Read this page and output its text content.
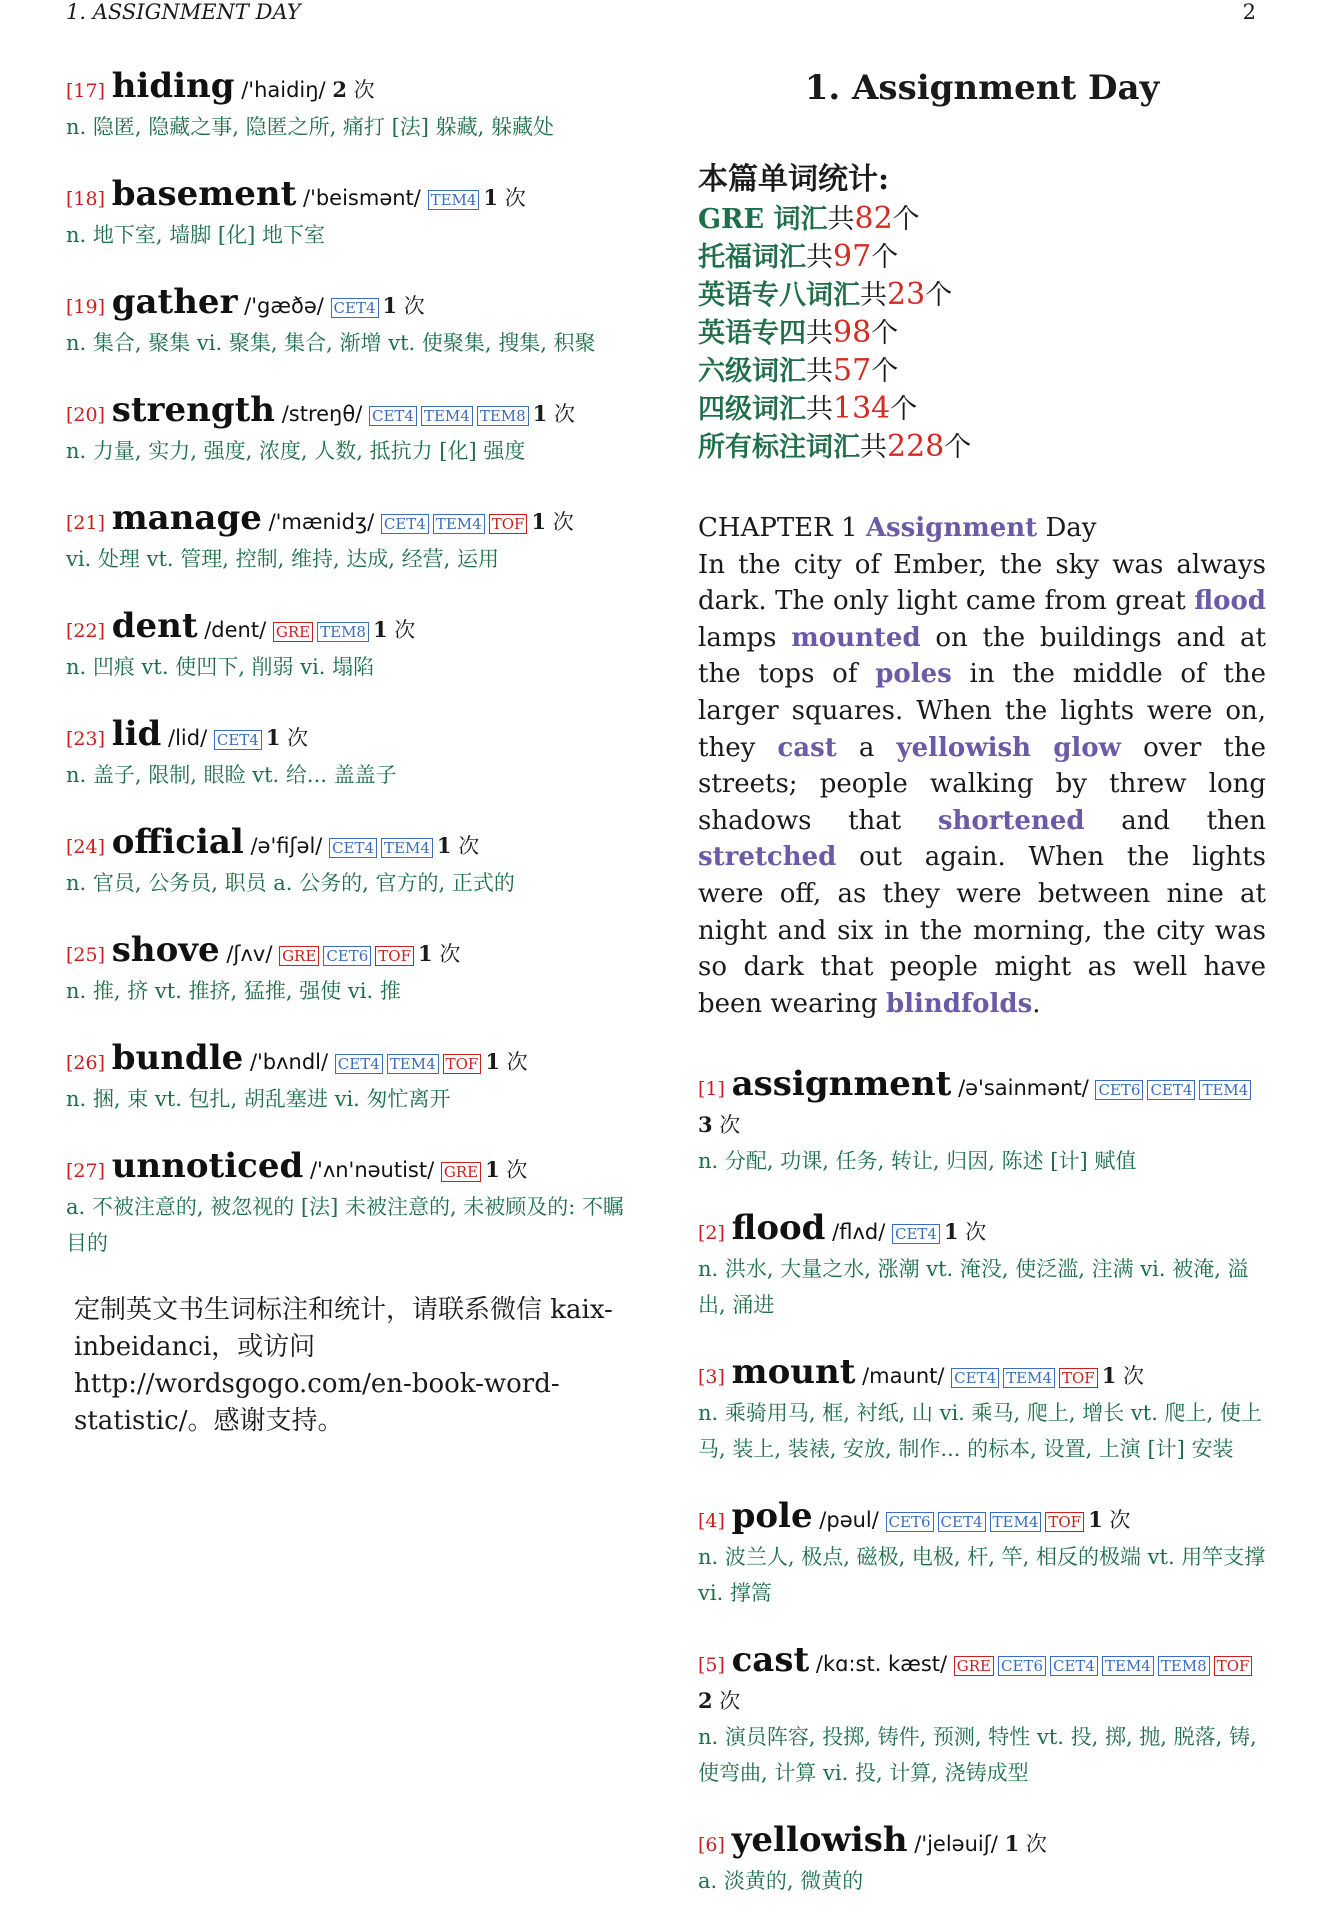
1. ASSIGNMENT DAY	2
[17] hiding /'haidiŋ/ 2 次
n. 隐匿, 隐藏之事, 隐匿之所, 痛打 [法] 躲藏, 躲藏处
[18] basement /'beismənt/ TEM4 1 次
n. 地下室, 墙脚 [化] 地下室
[19] gather /'gæðə/ CET4 1 次
n. 集合, 聚集 vi. 聚集, 集合, 渐增 vt. 使聚集, 搜集, 积聚
[20] strength /streŋθ/ CET4 TEM4 TEM8 1 次
n. 力量, 实力, 强度, 浓度, 人数, 抵抗力 [化] 强度
[21] manage /'mænidʒ/ CET4 TEM4 TOF 1 次
vi. 处理 vt. 管理, 控制, 维持, 达成, 经营, 运用
[22] dent /dent/ GRE TEM8 1 次
n. 凹痕 vt. 使凹下, 削弱 vi. 塌陷
[23] lid /lid/ CET4 1 次
n. 盖子, 限制, 眼睑 vt. 给... 盖盖子
[24] official /ə'fiʃəl/ CET4 TEM4 1 次
n. 官员, 公务员, 职员 a. 公务的, 官方的, 正式的
[25] shove /ʃʌv/ GRE CET6 TOF 1 次
n. 推, 挤 vt. 推挤, 猛推, 强使 vi. 推
[26] bundle /'bʌndl/ CET4 TEM4 TOF 1 次
n. 捆, 束 vt. 包扎, 胡乱塞进 vi. 匆忙离开
[27] unnoticed /'ʌn'nəutist/ GRE 1 次
a. 不被注意的, 被忽视的 [法] 未被注意的, 未被顾及的: 不瞩目的
定制英文书生词标注和统计，请联系微信 kaix-inbeidanci，或访问 http://wordsgogo.com/en-book-word-statistic/。感谢支持。
1. Assignment Day
本篇单词统计:
GRE 词汇共82个
托福词汇共97个
英语专八词汇共23个
英语专四共98个
六级词汇共57个
四级词汇共134个
所有标注词汇共228个
CHAPTER 1 Assignment Day
In the city of Ember, the sky was always dark. The only light came from great flood lamps mounted on the buildings and at the tops of poles in the middle of the larger squares. When the lights were on, they cast a yellowish glow over the streets; people walking by threw long shadows that shortened and then stretched out again. When the lights were off, as they were between nine at night and six in the morning, the city was so dark that people might as well have been wearing blindfolds.
[1] assignment /ə'sainmənt/ CET6 CET4 TEM43 次
n. 分配, 功课, 任务, 转让, 归因, 陈述 [计] 赋值
[2] flood /flʌd/ CET4 1 次
n. 洪水, 大量之水, 涨潮 vt. 淹没, 使泛滥, 注满 vi. 被淹, 溢出, 涌进
[3] mount /maunt/ CET4 TEM4 TOF 1 次
n. 乘骑用马, 框, 衬纸, 山 vi. 乘马, 爬上, 增长 vt. 爬上, 使上马, 装上, 装裱, 安放, 制作... 的标本, 设置, 上演 [计] 安装
[4] pole /pəul/ CET6 CET4 TEM4 TOF 1 次
n. 波兰人, 极点, 磁极, 电极, 杆, 竿, 相反的极端 vt. 用竿支撑 vi. 撑篙
[5] cast /kɑ:st. kæst/ GRE CET6 CET4 TEM4 TEM8 TOF2 次
n. 演员阵容, 投掷, 铸件, 预测, 特性 vt. 投, 掷, 抛, 脱落, 铸, 使弯曲, 计算 vi. 投, 计算, 浇铸成型
[6] yellowish /'jeləuiʃ/ 1 次
a. 淡黄的, 微黄的
